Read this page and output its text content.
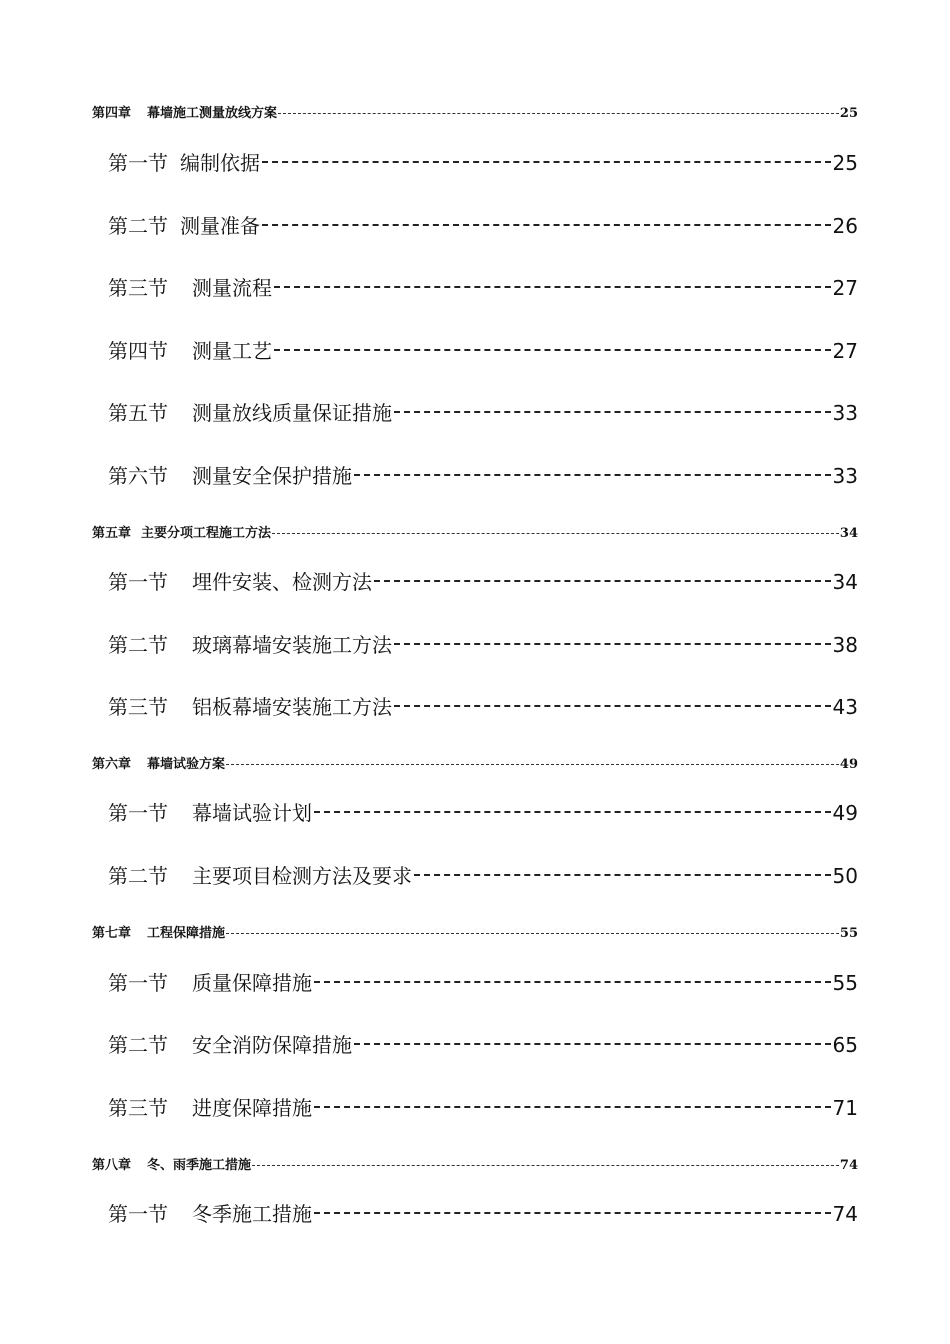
第四章 幕墙施工测量放线方案	25
第一节 编制依据	25
第二节 测量准备	26
第三节 测量流程	27
第四节 测量工艺	27
第五节 测量放线质量保证措施	33
第六节 测量安全保护措施	33
第五章 主要分项工程施工方法	34
第一节 埋件安装、检测方法	34
第二节 玻璃幕墙安装施工方法	38
第三节 铝板幕墙安装施工方法	43
第六章 幕墙试验方案	49
第一节 幕墙试验计划	49
第二节 主要项目检测方法及要求	50
第七章 工程保障措施	55
第一节 质量保障措施	55
第二节 安全消防保障措施	65
第三节 进度保障措施	71
第八章 冬、雨季施工措施	74
第一节 冬季施工措施	74
